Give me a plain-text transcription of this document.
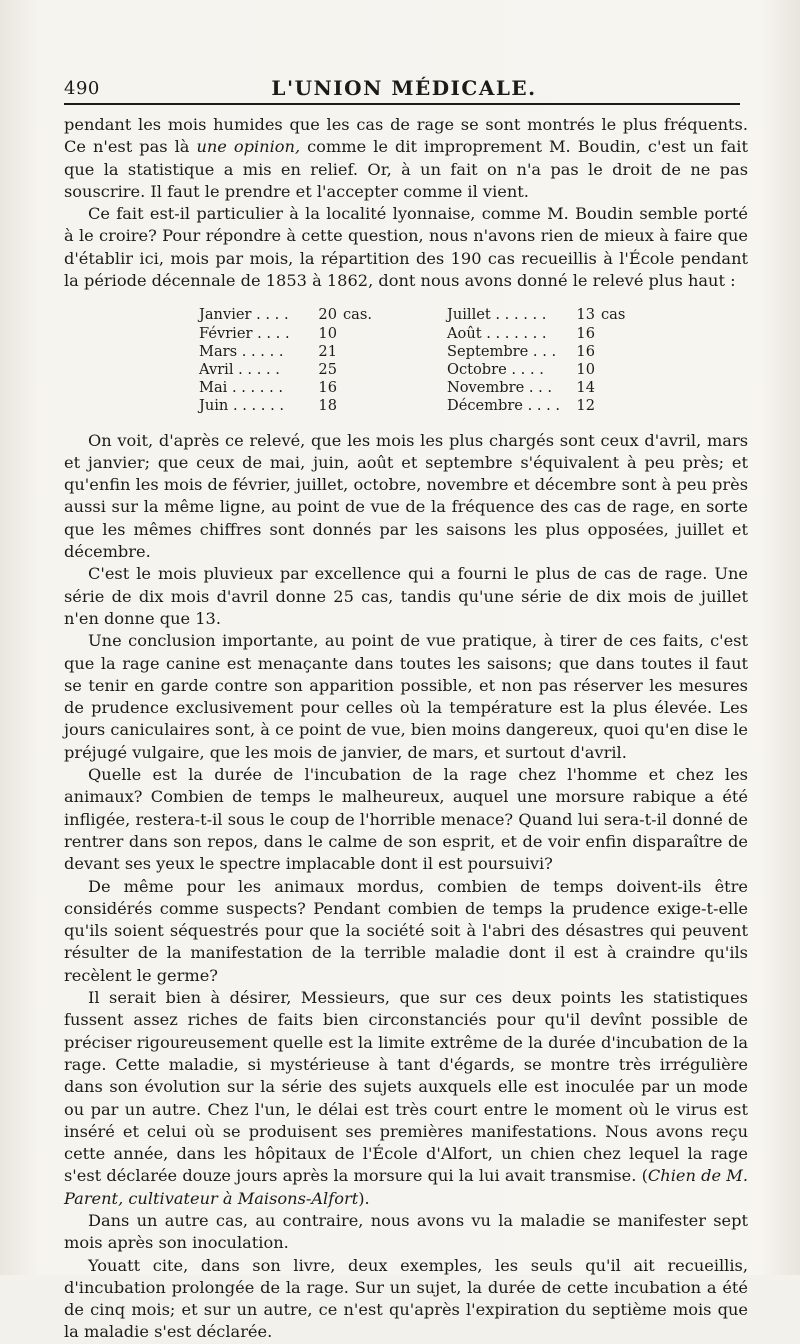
490	L'UNION MÉDICALE.

pendant les mois humides que les cas de rage se sont montrés le plus fréquents. Ce n'est pas là une opinion, comme le dit improprement M. Boudin, c'est un fait que la statistique a mis en relief. Or, à un fait on n'a pas le droit de ne pas souscrire. Il faut le prendre et l'accepter comme il vient.

Ce fait est-il particulier à la localité lyonnaise, comme M. Boudin semble porté à le croire? Pour répondre à cette question, nous n'avons rien de mieux à faire que d'établir ici, mois par mois, la répartition des 190 cas recueillis à l'École pendant la période décennale de 1853 à 1862, dont nous avons donné le relevé plus haut :

Janvier . . . .	20 cas.
Février . . . .	10
Mars . . . . .	21
Avril . . . . .	25
Mai . . . . . .	16
Juin . . . . . .	18
Juillet . . . . . .	13 cas
Août . . . . . . .	16
Septembre . . .	16
Octobre . . . .	10
Novembre . . .	14
Décembre . . . .	12

On voit, d'après ce relevé, que les mois les plus chargés sont ceux d'avril, mars et janvier; que ceux de mai, juin, août et septembre s'équivalent à peu près; et qu'enfin les mois de février, juillet, octobre, novembre et décembre sont à peu près aussi sur la même ligne, au point de vue de la fréquence des cas de rage, en sorte que les mêmes chiffres sont donnés par les saisons les plus opposées, juillet et décembre.

C'est le mois pluvieux par excellence qui a fourni le plus de cas de rage. Une série de dix mois d'avril donne 25 cas, tandis qu'une série de dix mois de juillet n'en donne que 13.

Une conclusion importante, au point de vue pratique, à tirer de ces faits, c'est que la rage canine est menaçante dans toutes les saisons; que dans toutes il faut se tenir en garde contre son apparition possible, et non pas réserver les mesures de prudence exclusivement pour celles où la température est la plus élevée. Les jours caniculaires sont, à ce point de vue, bien moins dangereux, quoi qu'en dise le préjugé vulgaire, que les mois de janvier, de mars, et surtout d'avril.

Quelle est la durée de l'incubation de la rage chez l'homme et chez les animaux? Combien de temps le malheureux, auquel une morsure rabique a été infligée, restera-t-il sous le coup de l'horrible menace? Quand lui sera-t-il donné de rentrer dans son repos, dans le calme de son esprit, et de voir enfin disparaître de devant ses yeux le spectre implacable dont il est poursuivi?

De même pour les animaux mordus, combien de temps doivent-ils être considérés comme suspects? Pendant combien de temps la prudence exige-t-elle qu'ils soient séquestrés pour que la société soit à l'abri des désastres qui peuvent résulter de la manifestation de la terrible maladie dont il est à craindre qu'ils recèlent le germe?

Il serait bien à désirer, Messieurs, que sur ces deux points les statistiques fussent assez riches de faits bien circonstanciés pour qu'il devînt possible de préciser rigoureusement quelle est la limite extrême de la durée d'incubation de la rage. Cette maladie, si mystérieuse à tant d'égards, se montre très irrégulière dans son évolution sur la série des sujets auxquels elle est inoculée par un mode ou par un autre. Chez l'un, le délai est très court entre le moment où le virus est inséré et celui où se produisent ses premières manifestations. Nous avons reçu cette année, dans les hôpitaux de l'École d'Alfort, un chien chez lequel la rage s'est déclarée douze jours après la morsure qui la lui avait transmise. (Chien de M. Parent, cultivateur à Maisons-Alfort).

Dans un autre cas, au contraire, nous avons vu la maladie se manifester sept mois après son inoculation.

Youatt cite, dans son livre, deux exemples, les seuls qu'il ait recueillis, d'incubation prolongée de la rage. Sur un sujet, la durée de cette incubation a été de cinq mois; et sur un autre, ce n'est qu'après l'expiration du septième mois que la maladie s'est déclarée.
